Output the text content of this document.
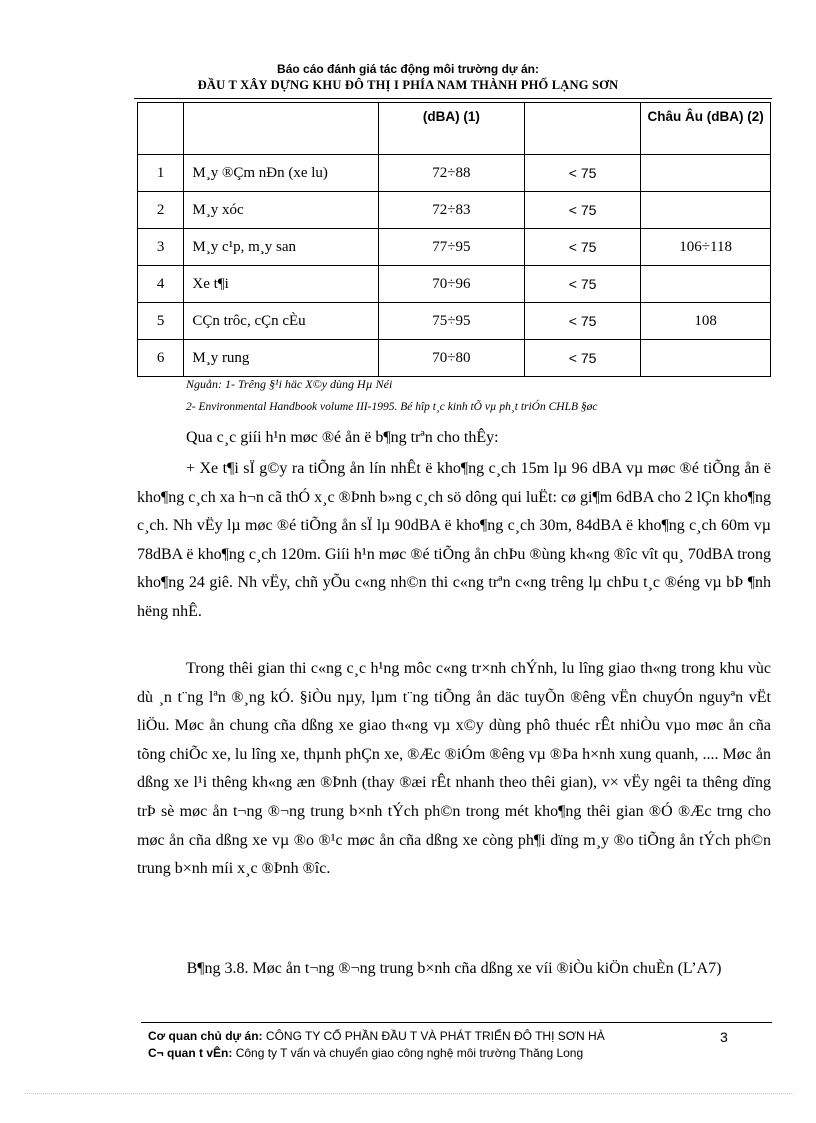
Báo cáo đánh giá tác động môi trường dự án:
ĐẦU T XÂY DỰNG KHU ĐÔ THỊ I PHÍA NAM THÀNH PHỐ LẠNG SƠN
		(dBA) (1)		Châu Âu (dBA) (2)
1	M¸y ®Çm nÐn (xe lu)	72÷88	< 75	
2	M¸y xóc	72÷83	< 75	
3	M¸y c¹p, m¸y san	77÷95	< 75	106÷118
4	Xe t¶i	70÷96	< 75	
5	CÇn trôc, cÇn cÈu	75÷95	< 75	108
6	M¸y rung	70÷80	< 75	
Nguån: 1- Trêng §¹i häc X©y dùng Hµ Néi
2- Environmental Handbook volume III-1995. Bé hîp t¸c kinh tÕ vµ ph¸t triÓn CHLB §øc
Qua c¸c giíi h¹n møc ®é ån ë b¶ng trªn cho thÊy:

+ Xe t¶i sÏ g©y ra tiÕng ån lín nhÊt ë kho¶ng c¸ch 15m lµ 96 dBA vµ møc ®é tiÕng ån ë kho¶ng c¸ch xa h¬n cã thÓ x¸c ®Þnh b»ng c¸ch sö dông qui luËt: cø gi¶m 6dBA cho 2 lÇn kho¶ng c¸ch. Nh vËy lµ møc ®é tiÕng ån sÏ lµ 90dBA ë kho¶ng c¸ch 30m, 84dBA ë kho¶ng c¸ch 60m vµ 78dBA ë kho¶ng c¸ch 120m. Giíi h¹n møc ®é tiÕng ån chÞu ®ùng kh«ng ®îc vît qu¸ 70dBA trong kho¶ng 24 giê. Nh vËy, chñ yÕu c«ng nh©n thi c«ng trªn c«ng trêng lµ chÞu t¸c ®éng vµ bÞ ¶nh hëng nhÊ.

Trong thêi gian thi c«ng c¸c h¹ng môc c«ng tr×nh chÝnh, lu lîng giao th«ng trong khu vùc dù ¸n t¨ng lªn ®¸ng kÓ. §iÒu nµy, lµm t¨ng tiÕng ån däc tuyÕn ®êng vËn chuyÓn nguyªn vËt liÖu. Møc ån chung cña dßng xe giao th«ng vµ x©y dùng phô thuéc rÊt nhiÒu vµo møc ån cña tõng chiÕc xe, lu lîng xe, thµnh phÇn xe, ®Æc ®iÓm ®êng vµ ®Þa h×nh xung quanh, .... Møc ån dßng xe l¹i thêng kh«ng æn ®Þnh (thay ®æi rÊt nhanh theo thêi gian), v× vËy ngêi ta thêng dïng trÞ sè møc ån t¬ng ®¬ng trung b×nh tÝch ph©n trong mét kho¶ng thêi gian ®Ó ®Æc trng cho møc ån cña dßng xe vµ ®o ®¹c møc ån cña dßng xe còng ph¶i dïng m¸y ®o tiÕng ån tÝch ph©n trung b×nh míi x¸c ®Þnh ®îc.

B¶ng 3.8. Møc ån t¬ng ®¬ng trung b×nh cña dßng xe víi ®iÒu kiÖn chuÈn (L’A7)
Cơ quan chủ dự án: CÔNG TY CỔ PHẦN ĐẦU T VÀ PHÁT TRIỂN ĐÔ THỊ SƠN HÀ
C¬ quan t vÊn: Công ty T vấn và chuyển giao công nghệ môi trường Thăng Long
3
